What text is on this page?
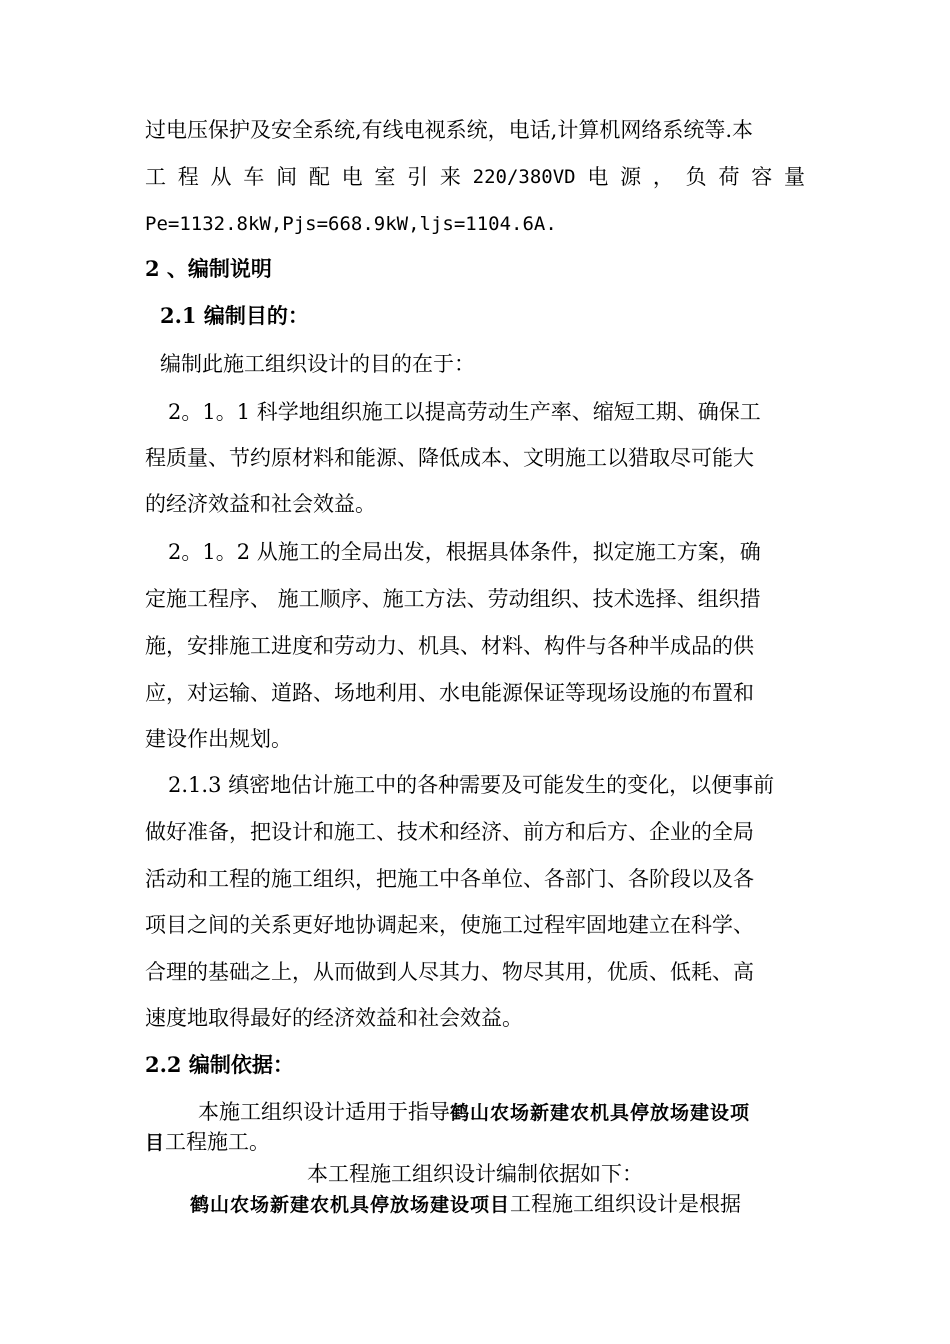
过电压保护及安全系统,有线电视系统，电话,计算机网络系统等.本
工 程 从 车 间 配 电 室 引 来 220/380VD 电 源 ， 负 荷 容 量
Pe=1132.8kW,Pjs=668.9kW,ljs=1104.6A.
2 、编制说明
2.1 编制目的：
编制此施工组织设计的目的在于：
2。1。1 科学地组织施工以提高劳动生产率、缩短工期、确保工
程质量、节约原材料和能源、降低成本、文明施工以猎取尽可能大
的经济效益和社会效益。
2。1。2 从施工的全局出发，根据具体条件，拟定施工方案，确
定施工程序、 施工顺序、施工方法、劳动组织、技术选择、组织措
施，安排施工进度和劳动力、机具、材料、构件与各种半成品的供
应，对运输、道路、场地利用、水电能源保证等现场设施的布置和
建设作出规划。
2.1.3 缜密地估计施工中的各种需要及可能发生的变化，以便事前
做好准备，把设计和施工、技术和经济、前方和后方、企业的全局
活动和工程的施工组织，把施工中各单位、各部门、各阶段以及各
项目之间的关系更好地协调起来，使施工过程牢固地建立在科学、
合理的基础之上，从而做到人尽其力、物尽其用，优质、低耗、高
速度地取得最好的经济效益和社会效益。
2.2 编制依据：
本施工组织设计适用于指导鹤山农场新建农机具停放场建设项
目工程施工。
本工程施工组织设计编制依据如下：
鹤山农场新建农机具停放场建设项目工程施工组织设计是根据
